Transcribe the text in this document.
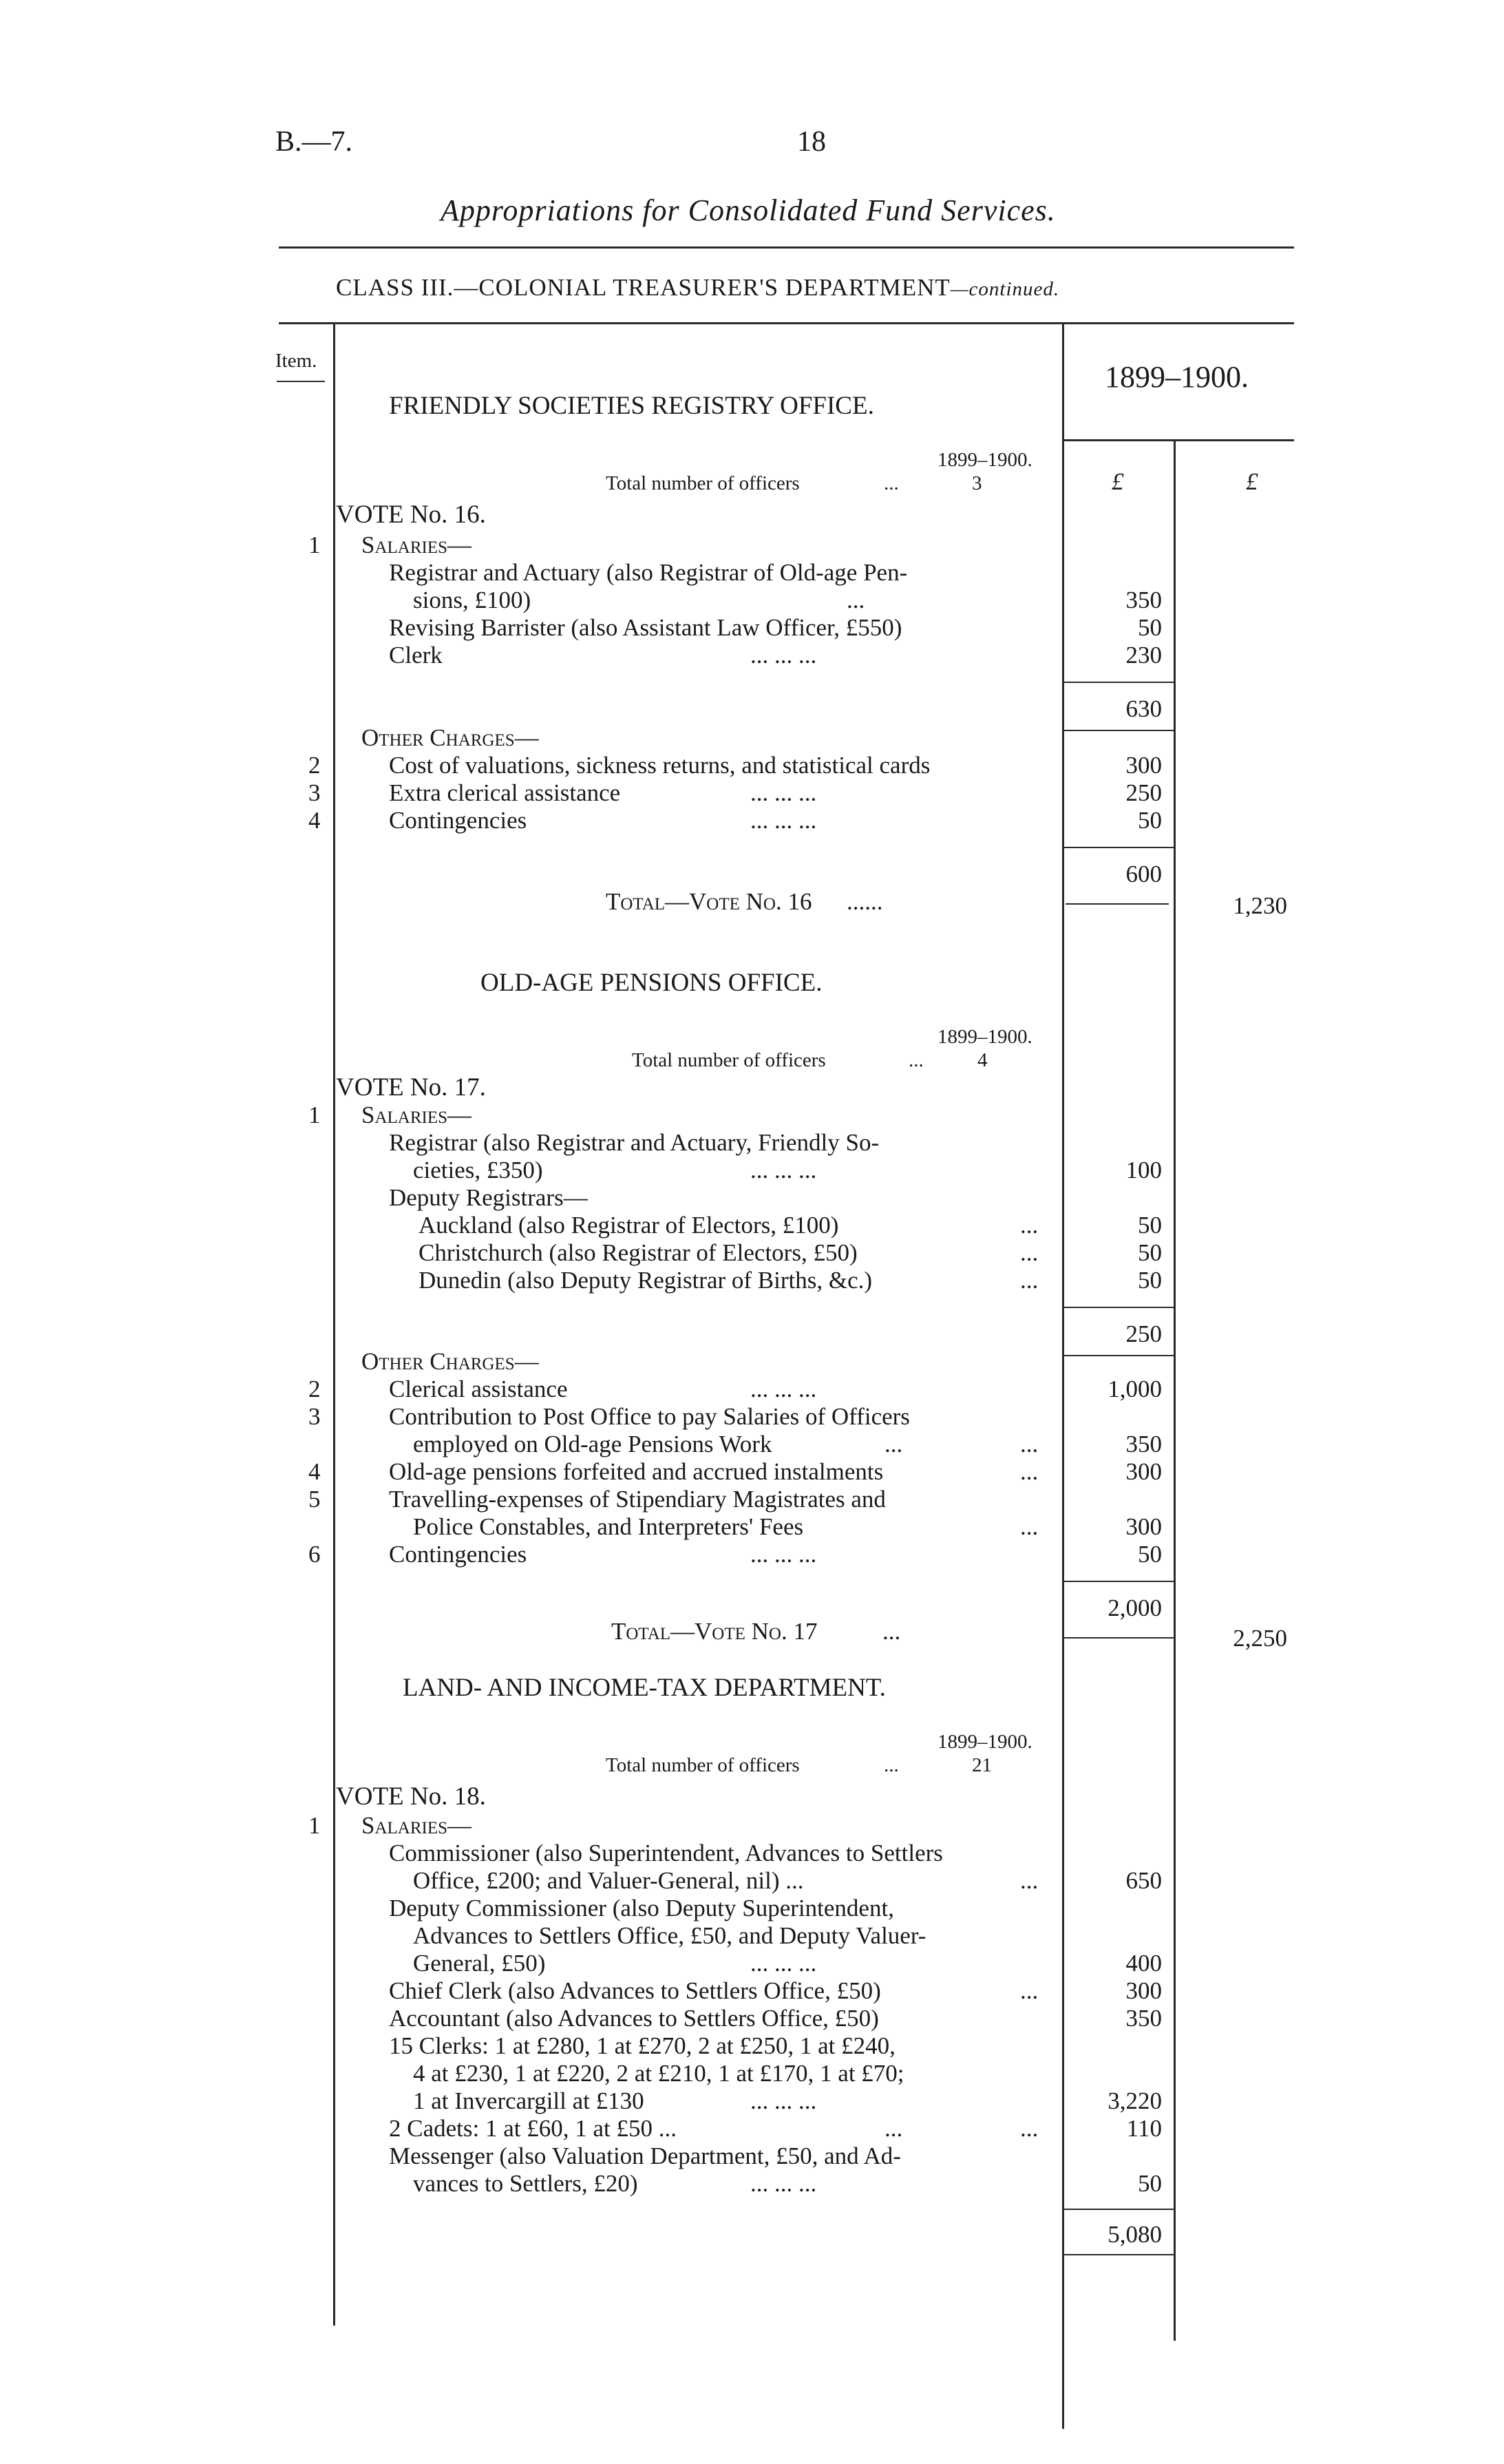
B.—7.	18
Appropriations for Consolidated Fund Services.
CLASS III.—COLONIAL TREASURER'S DEPARTMENT—continued.
Item.	1899–1900.
£	£
FRIENDLY SOCIETIES REGISTRY OFFICE.
1899–1900.
Total number of officers	...	3
VOTE No. 16.
1 Salaries—
Registrar and Actuary (also Registrar of Old-age Pen-
sions, £100)	...	350
Revising Barrister (also Assistant Law Officer, £550)	50
Clerk	... ... ...	230
630
Other Charges—
2	Cost of valuations, sickness returns, and statistical cards	300
3	Extra clerical assistance	... ... ...	250
4	Contingencies	... ... ...	50
600
Total—Vote No. 16 ......	1,230
OLD-AGE PENSIONS OFFICE.
1899–1900.
Total number of officers	...	4
VOTE No. 17.
1 Salaries—
Registrar (also Registrar and Actuary, Friendly So-
cieties, £350)	... ... ...	100
Deputy Registrars—
Auckland (also Registrar of Electors, £100)	...	50
Christchurch (also Registrar of Electors, £50)	...	50
Dunedin (also Deputy Registrar of Births, &c.)	...	50
250
Other Charges—
2	Clerical assistance	... ... ...	1,000
3	Contribution to Post Office to pay Salaries of Officers
employed on Old-age Pensions Work	...	...	350
4	Old-age pensions forfeited and accrued instalments	...	300
5	Travelling-expenses of Stipendiary Magistrates and
Police Constables, and Interpreters' Fees	...	300
6	Contingencies	... ... ...	50
2,000
Total—Vote No. 17	...	2,250
LAND- AND INCOME-TAX DEPARTMENT.
1899–1900.
Total number of officers	...	21
VOTE No. 18.
1 Salaries—
Commissioner (also Superintendent, Advances to Settlers
Office, £200; and Valuer-General, nil) ...	...	650
Deputy Commissioner (also Deputy Superintendent,
Advances to Settlers Office, £50, and Deputy Valuer-
General, £50)	... ... ...	400
Chief Clerk (also Advances to Settlers Office, £50)	...	300
Accountant (also Advances to Settlers Office, £50)	350
15 Clerks: 1 at £280, 1 at £270, 2 at £250, 1 at £240,
4 at £230, 1 at £220, 2 at £210, 1 at £170, 1 at £70;
1 at Invercargill at £130	... ... ...	3,220
2 Cadets: 1 at £60, 1 at £50 ...	...	...	110
Messenger (also Valuation Department, £50, and Ad-
vances to Settlers, £20)	... ... ...	50
5,080
